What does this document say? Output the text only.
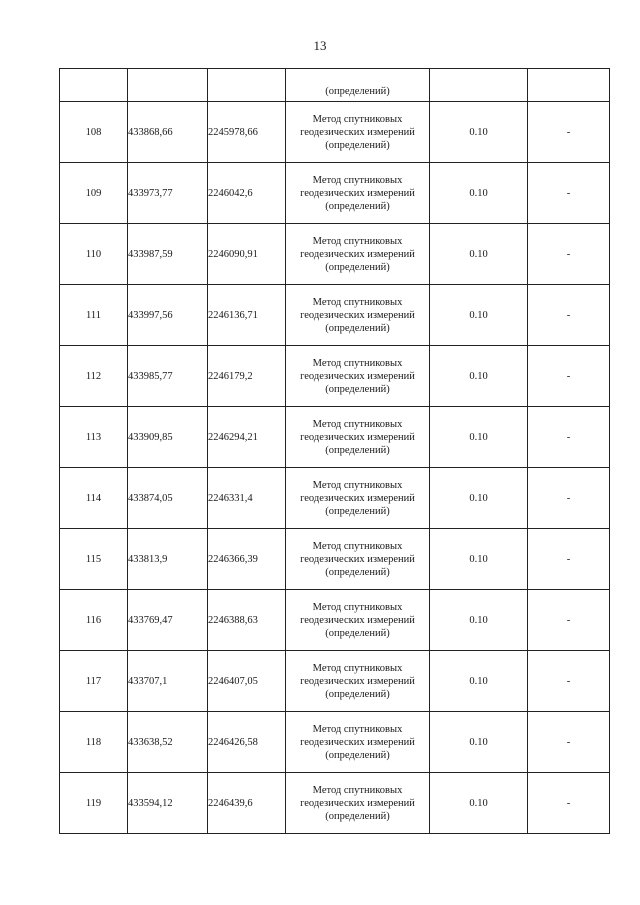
13
			(определений)		
108	433868,66	2245978,66	Метод спутниковых
геодезических измерений
(определений)	0.10	-
109	433973,77	2246042,6	Метод спутниковых
геодезических измерений
(определений)	0.10	-
110	433987,59	2246090,91	Метод спутниковых
геодезических измерений
(определений)	0.10	-
111	433997,56	2246136,71	Метод спутниковых
геодезических измерений
(определений)	0.10	-
112	433985,77	2246179,2	Метод спутниковых
геодезических измерений
(определений)	0.10	-
113	433909,85	2246294,21	Метод спутниковых
геодезических измерений
(определений)	0.10	-
114	433874,05	2246331,4	Метод спутниковых
геодезических измерений
(определений)	0.10	-
115	433813,9	2246366,39	Метод спутниковых
геодезических измерений
(определений)	0.10	-
116	433769,47	2246388,63	Метод спутниковых
геодезических измерений
(определений)	0.10	-
117	433707,1	2246407,05	Метод спутниковых
геодезических измерений
(определений)	0.10	-
118	433638,52	2246426,58	Метод спутниковых
геодезических измерений
(определений)	0.10	-
119	433594,12	2246439,6	Метод спутниковых
геодезических измерений
(определений)	0.10	-
